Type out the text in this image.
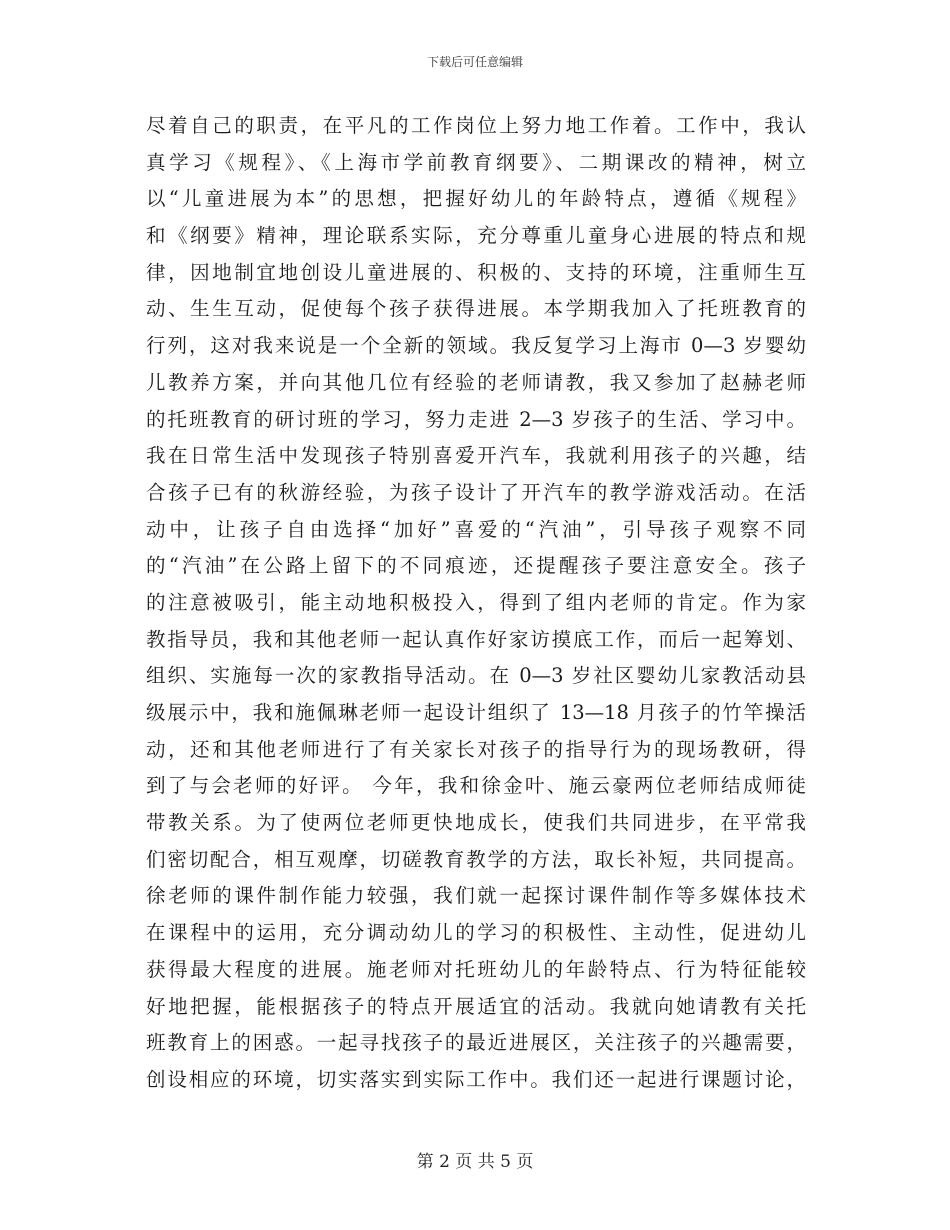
下载后可任意编辑
尽着自己的职责，在平凡的工作岗位上努力地工作着。工作中，我认
真学习《规程》、《上海市学前教育纲要》、二期课改的精神，树立
以“儿童进展为本”的思想，把握好幼儿的年龄特点，遵循《规程》
和《纲要》精神，理论联系实际，充分尊重儿童身心进展的特点和规
律，因地制宜地创设儿童进展的、积极的、支持的环境，注重师生互
动、生生互动，促使每个孩子获得进展。本学期我加入了托班教育的
行列，这对我来说是一个全新的领域。我反复学习上海市 0—3 岁婴幼
儿教养方案，并向其他几位有经验的老师请教，我又参加了赵赫老师
的托班教育的研讨班的学习，努力走进 2—3 岁孩子的生活、学习中。
我在日常生活中发现孩子特别喜爱开汽车，我就利用孩子的兴趣，结
合孩子已有的秋游经验，为孩子设计了开汽车的教学游戏活动。在活
动中，让孩子自由选择“加好”喜爱的“汽油”，引导孩子观察不同
的“汽油”在公路上留下的不同痕迹，还提醒孩子要注意安全。孩子
的注意被吸引，能主动地积极投入，得到了组内老师的肯定。作为家
教指导员，我和其他老师一起认真作好家访摸底工作，而后一起筹划、
组织、实施每一次的家教指导活动。在 0—3 岁社区婴幼儿家教活动县
级展示中，我和施佩琳老师一起设计组织了 13—18 月孩子的竹竿操活
动，还和其他老师进行了有关家长对孩子的指导行为的现场教研，得
到了与会老师的好评。 今年，我和徐金叶、施云豪两位老师结成师徒
带教关系。为了使两位老师更快地成长，使我们共同进步，在平常我
们密切配合，相互观摩，切磋教育教学的方法，取长补短，共同提高。
徐老师的课件制作能力较强，我们就一起探讨课件制作等多媒体技术
在课程中的运用，充分调动幼儿的学习的积极性、主动性，促进幼儿
获得最大程度的进展。施老师对托班幼儿的年龄特点、行为特征能较
好地把握，能根据孩子的特点开展适宜的活动。我就向她请教有关托
班教育上的困惑。一起寻找孩子的最近进展区，关注孩子的兴趣需要，
创设相应的环境，切实落实到实际工作中。我们还一起进行课题讨论，
第 2 页 共 5 页
